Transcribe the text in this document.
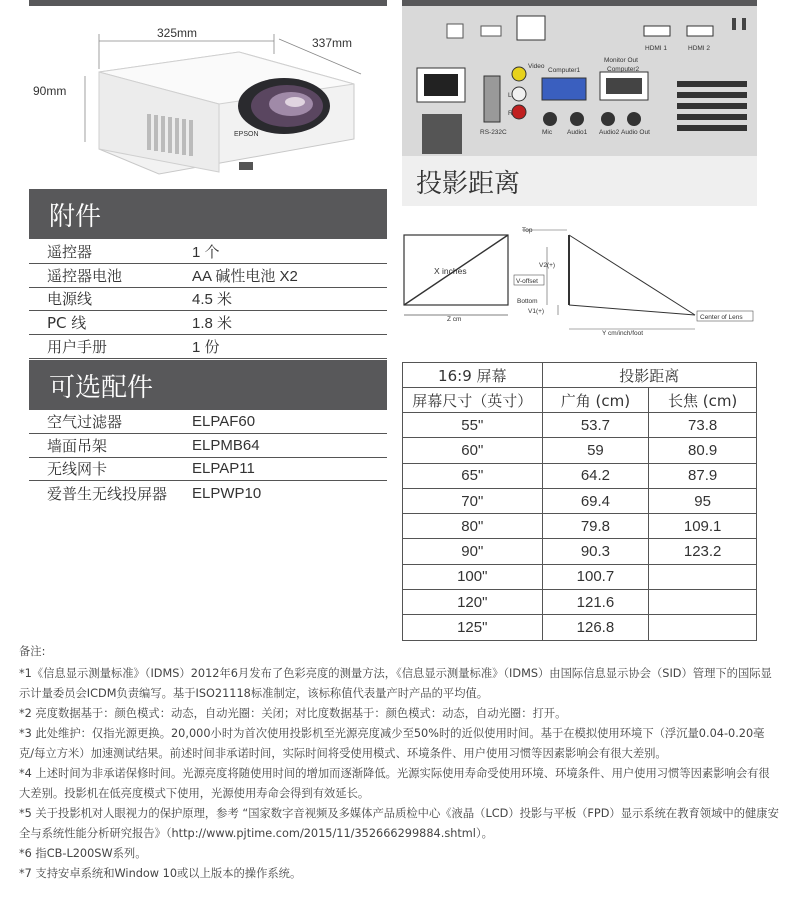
EPSON
325mm
337mm
90mm
Video
Computer1
Monitor Out
Computer2
HDMI 1	HDMI 2
RS-232C	Mic Audio1 Audio2 Audio Out
L
R
附件
遥控器	1 个
遥控器电池	AA 碱性电池 X2
电源线	4.5 米
PC 线	1.8 米
用户手册	1 份
可选配件
空气过滤器	ELPAF60
墙面吊架	ELPMB64
无线网卡	ELPAP11
爱普生无线投屏器	ELPWP10
投影距离
Top
X inches
V2(+)
V-offset
Bottom
V1(+)
Z cm
Y cm/inch/foot
Center of Lens
16:9 屏幕	投影距离	
屏幕尺寸（英寸）	广角 (cm)	长焦 (cm)
55"	53.7	73.8
60"	59	80.9
65"	64.2	87.9
70"	69.4	95
80"	79.8	109.1
90"	90.3	123.2
100"	100.7	
120"	121.6	
125"	126.8	

备注:

*1《信息显示测量标准》（IDMS）2012年6月发布了色彩亮度的测量方法，《信息显示测量标准》（IDMS）由国际信息显示协会（SID）管理下的国际显示计量委员会ICDM负责编写。基于ISO21118标准制定，该标称值代表量产时产品的平均值。

*2 亮度数据基于：颜色模式：动态，自动光圈：关闭；对比度数据基于：颜色模式：动态，自动光圈：打开。

*3 此处维护：仅指光源更换。20,000小时为首次使用投影机至光源亮度减少至50%时的近似使用时间。基于在模拟使用环境下（浮沉量0.04-0.20毫克/每立方米）加速测试结果。前述时间非承诺时间，实际时间将受使用模式、环境条件、用户使用习惯等因素影响会有很大差别。

*4 上述时间为非承诺保修时间。光源亮度将随使用时间的增加而逐渐降低。光源实际使用寿命受使用环境、环境条件、用户使用习惯等因素影响会有很大差别。投影机在低亮度模式下使用，光源使用寿命会得到有效延长。

*5 关于投影机对人眼视力的保护原理，参考 “国家数字音视频及多媒体产品质检中心《液晶（LCD）投影与平板（FPD）显示系统在教育领域中的健康安全与系统性能分析研究报告》（http://www.pjtime.com/2015/11/352666299884.shtml）。

*6 指CB-L200SW系列。

*7 支持安卓系统和Window 10或以上版本的操作系统。
